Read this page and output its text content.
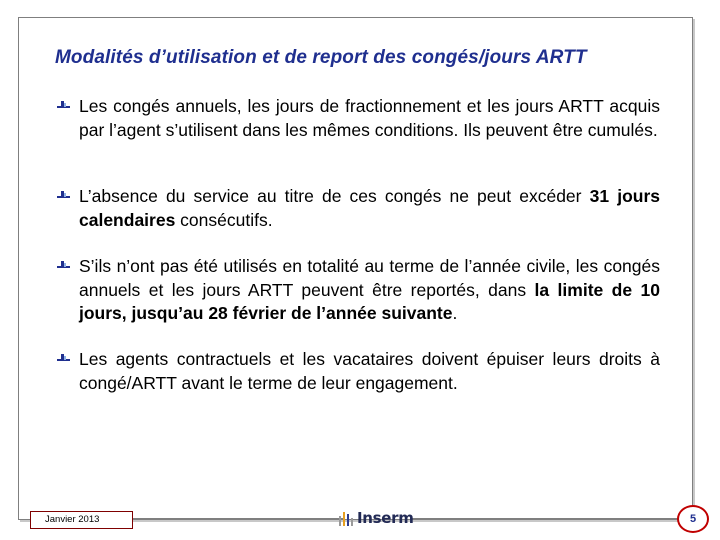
Modalités d’utilisation et de report des congés/jours ARTT
Les congés annuels, les jours de fractionnement et les jours ARTT acquis par l’agent s’utilisent dans les mêmes conditions. Ils peuvent être cumulés.
L’absence du service au titre de ces congés ne peut excéder 31 jours calendaires consécutifs.
S’ils n’ont pas été utilisés en totalité au terme de l’année civile, les congés annuels et les jours ARTT peuvent être reportés, dans la limite de 10 jours, jusqu’au 28 février de l’année suivante.
Les agents contractuels et les vacataires doivent épuiser leurs droits à congé/ARTT avant le terme de leur engagement.
Janvier 2013	Inserm	5
